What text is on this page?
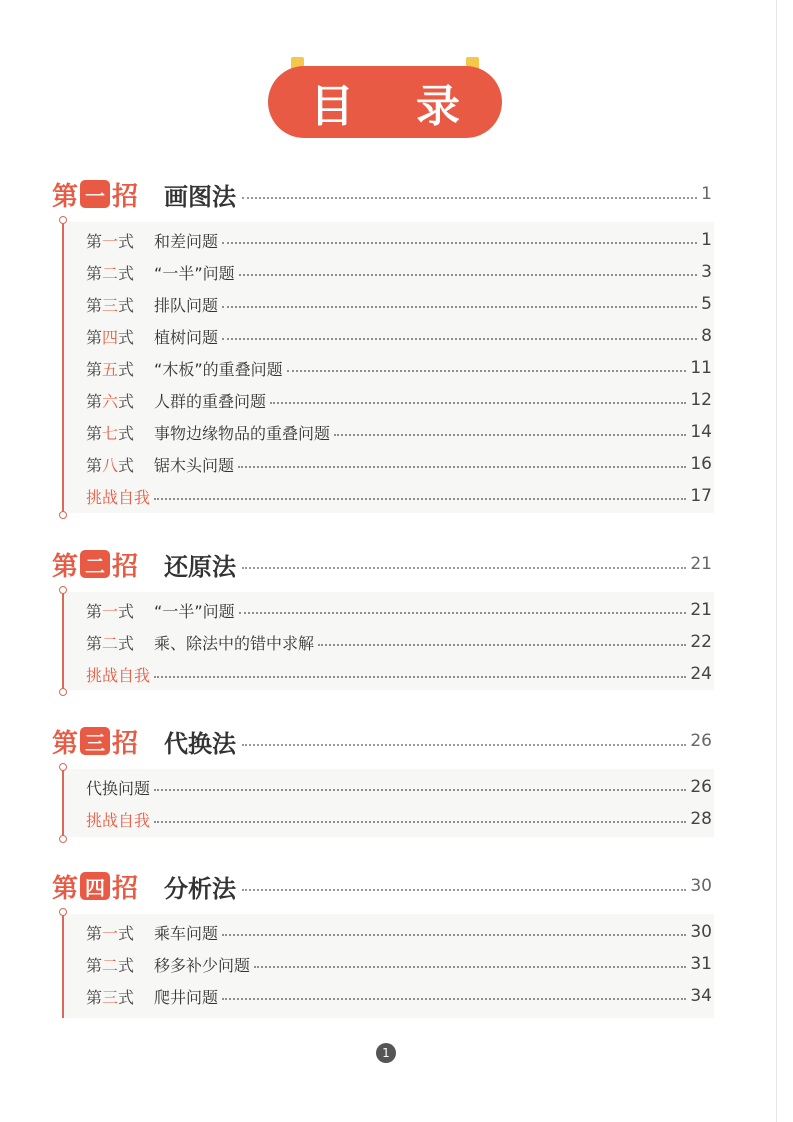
目 录
第 一 招 画图法	1
第 一 式 和差问题	1
第 二 式 “一半”问题	3
第 三 式 排队问题	5
第 四 式 植树问题	8
第 五 式 “木板”的重叠问题	11
第 六 式 人群的重叠问题	12
第 七 式 事物边缘物品的重叠问题	14
第 八 式 锯木头问题	16
挑战自我	17
第 二 招 还原法	21
第 一 式 “一半”问题	21
第 二 式 乘、除法中的错中求解	22
挑战自我	24
第 三 招 代换法	26
代换问题	26
挑战自我	28
第 四 招 分析法	30
第 一 式 乘车问题	30
第 二 式 移多补少问题	31
第 三 式 爬井问题	34
1
